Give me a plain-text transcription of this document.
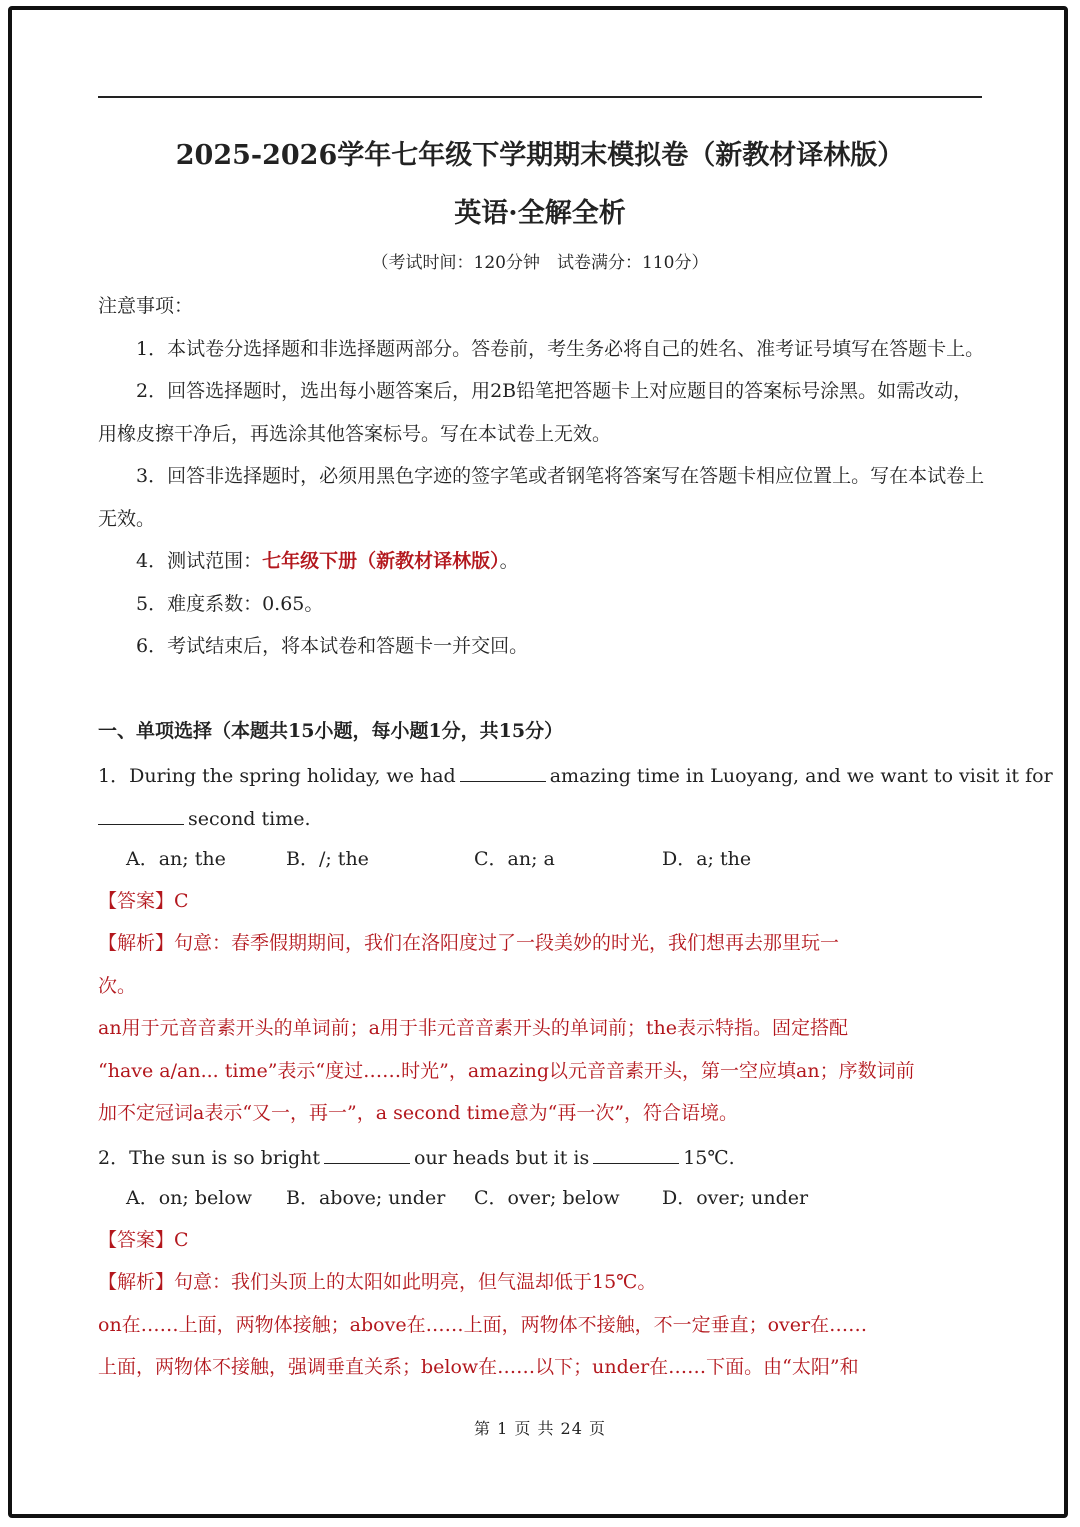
2025-2026学年七年级下学期期末模拟卷（新教材译林版）
英语·全解全析
（考试时间：120分钟　试卷满分：110分）
注意事项：
1．本试卷分选择题和非选择题两部分。答卷前，考生务必将自己的姓名、准考证号填写在答题卡上。
2．回答选择题时，选出每小题答案后，用2B铅笔把答题卡上对应题目的答案标号涂黑。如需改动，
用橡皮擦干净后，再选涂其他答案标号。写在本试卷上无效。
3．回答非选择题时，必须用黑色字迹的签字笔或者钢笔将答案写在答题卡相应位置上。写在本试卷上
无效。
4．测试范围：七年级下册（新教材译林版）。
5．难度系数：0.65。
6．考试结束后，将本试卷和答题卡一并交回。
一、单项选择（本题共15小题，每小题1分，共15分）
1．During the spring holiday, we had	amazing time in Luoyang, and we want to visit it for
second time.
A．an; the	B．/; the	C．an; a	D．a; the
【答案】C
【解析】句意：春季假期期间，我们在洛阳度过了一段美妙的时光，我们想再去那里玩一
次。
an用于元音音素开头的单词前；a用于非元音音素开头的单词前；the表示特指。固定搭配
“have a/an... time”表示“度过……时光”，amazing以元音音素开头，第一空应填an；序数词前
加不定冠词a表示“又一，再一”，a second time意为“再一次”，符合语境。
2．The sun is so bright	our heads but it is	15℃.
A．on; below B．above; under C．over; below D．over; under
【答案】C
【解析】句意：我们头顶上的太阳如此明亮，但气温却低于15℃。
on在……上面，两物体接触；above在……上面，两物体不接触，不一定垂直；over在……
上面，两物体不接触，强调垂直关系；below在……以下；under在……下面。由“太阳”和
第 1 页 共 24 页
